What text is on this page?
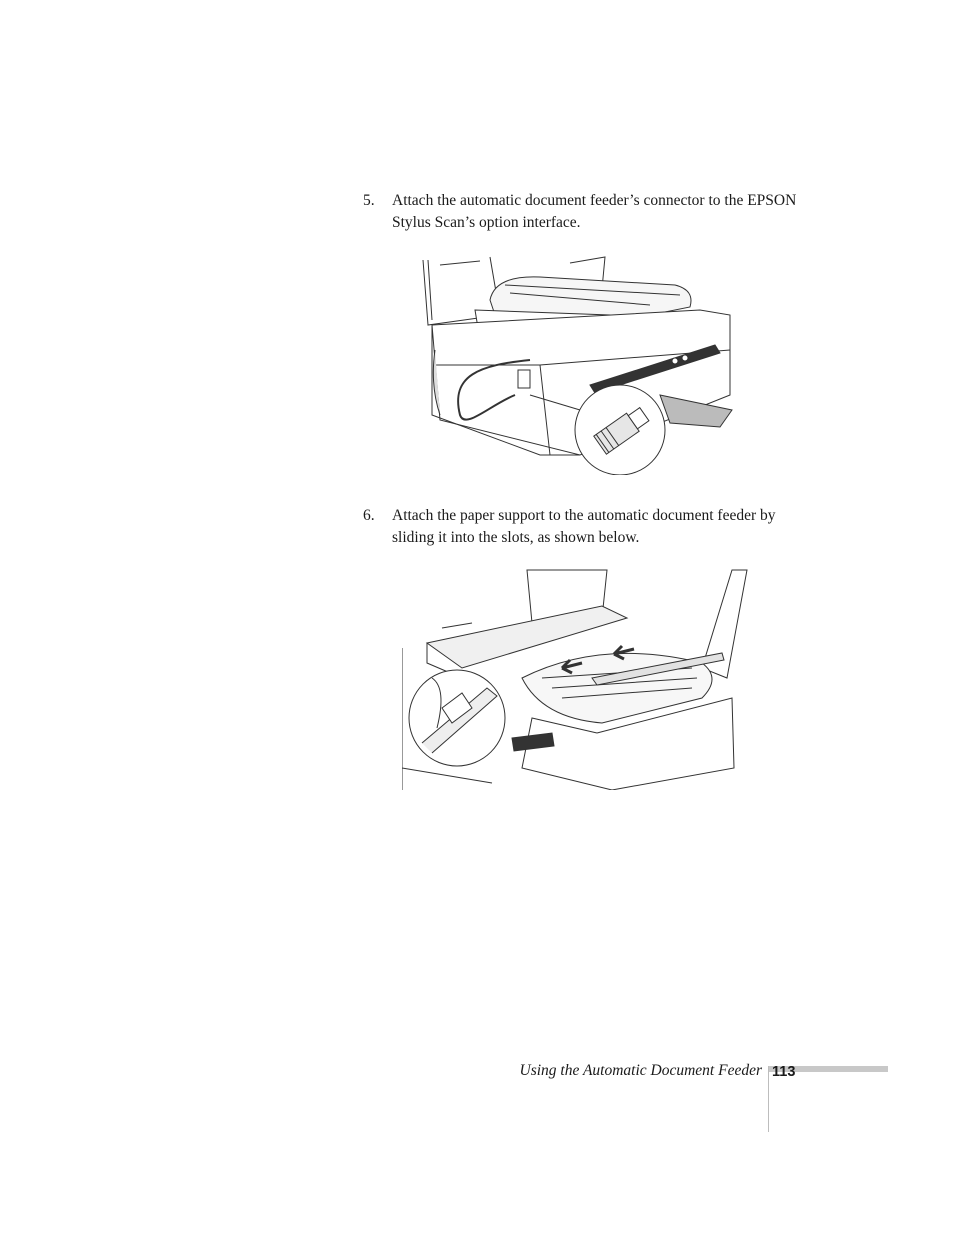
5. Attach the automatic document feeder’s connector to the EPSON Stylus Scan’s option interface.
6. Attach the paper support to the automatic document feeder by sliding it into the slots, as shown below.
Using the Automatic Document Feeder 113
